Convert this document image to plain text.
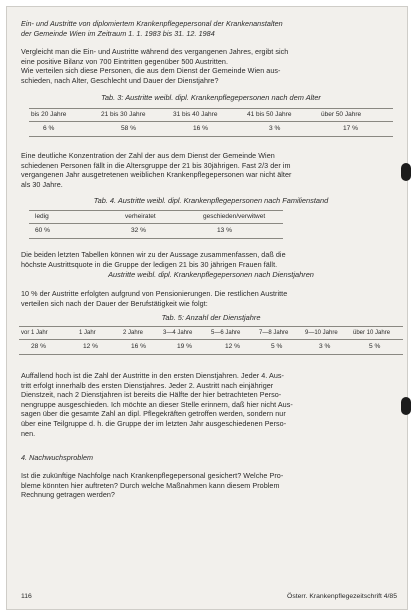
Ein- und Austritte von diplomiertem Krankenpflegepersonal der Krankenanstalten
der Gemeinde Wien im Zeitraum 1. 1. 1983 bis 31. 12. 1984
Vergleicht man die Ein- und Austritte während des vergangenen Jahres, ergibt sich
eine positive Bilanz von 700 Eintritten gegenüber 500 Austritten.
Wie verteilen sich diese Personen, die aus dem Dienst der Gemeinde Wien aus-
schieden, nach Alter, Geschlecht und Dauer der Dienstjahre?
Tab. 3: Austritte weibl. dipl. Krankenpflegepersonen nach dem Alter
bis 20 Jahre	21 bis 30 Jahre	31 bis 40 Jahre	41 bis 50 Jahre	über 50 Jahre
6 %	58 %	16 %	3 %	17 %
Eine deutliche Konzentration der Zahl der aus dem Dienst der Gemeinde Wien
schiedenen Personen fällt in die Altersgruppe der 21 bis 30jährigen. Fast 2/3 der im
vergangenen Jahr ausgetretenen weiblichen Krankenpflegepersonen war nicht älter
als 30 Jahre.
Tab. 4. Austritte weibl. dipl. Krankenpflegepersonen nach Familienstand
ledig	verheiratet	geschieden/verwitwet
60 %	32 %	13 %
Die beiden letzten Tabellen können wir zu der Aussage zusammenfassen, daß die
höchste Austrittsquote in die Gruppe der ledigen 21 bis 30 jährigen Frauen fällt.
Austritte weibl. dipl. Krankenpflegepersonen nach Dienstjahren
10 % der Austritte erfolgten aufgrund von Pensionierungen. Die restlichen Austritte
verteilen sich nach der Dauer der Berufstätigkeit wie folgt:
Tab. 5: Anzahl der Dienstjahre
vor 1 Jahr	1 Jahr	2 Jahre	3—4 Jahre	5—6 Jahre	7—8 Jahre	9—10 Jahre	über 10 Jahre
28 %	12 %	16 %	19 %	12 %	5 %	3 %	5 %
Auffallend hoch ist die Zahl der Austritte in den ersten Dienstjahren. Jeder 4. Aus-
tritt erfolgt innerhalb des ersten Dienstjahres. Jeder 2. Austritt nach einjähriger
Dienstzeit, nach 2 Dienstjahren ist bereits die Hälfte der hier betrachteten Perso-
nengruppe ausgeschieden. Ich möchte an dieser Stelle erinnern, daß hier nicht Aus-
sagen über die gesamte Zahl an dipl. Pflegekräften getroffen werden, sondern nur
über eine Teilgruppe d. h. die Gruppe der im letzten Jahr ausgeschiedenen Perso-
nen.
4. Nachwuchsproblem
Ist die zukünftige Nachfolge nach Krankenpflegepersonal gesichert? Welche Pro-
bleme könnten hier auftreten? Durch welche Maßnahmen kann diesem Problem
Rechnung getragen werden?
116	Österr. Krankenpflegezeitschrift 4/85
